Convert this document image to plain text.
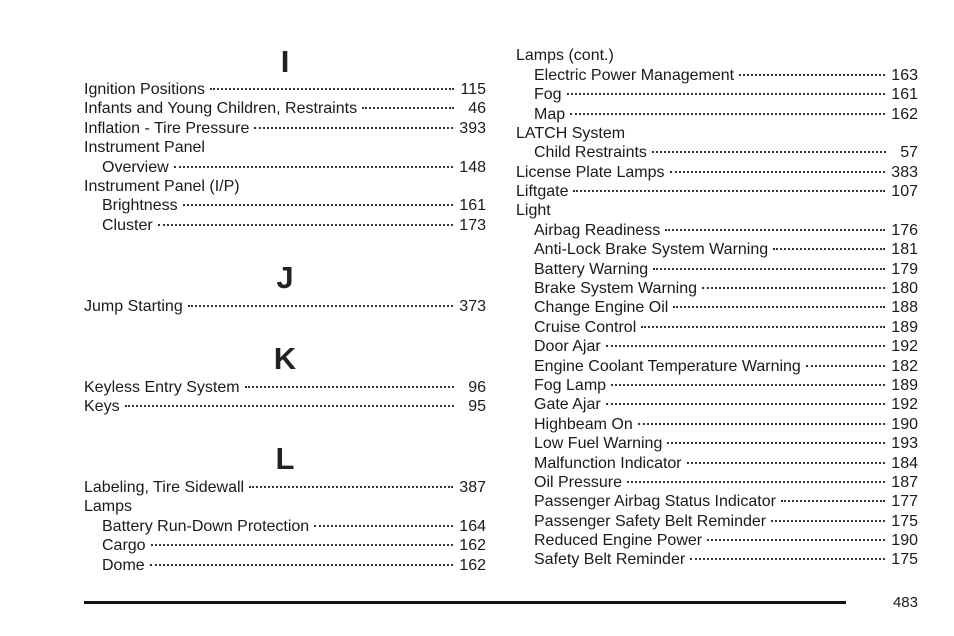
I
Ignition Positions	115
Infants and Young Children, Restraints	46
Inflation - Tire Pressure	393
Instrument Panel
Overview	148
Instrument Panel (I/P)
Brightness	161
Cluster	173
J
Jump Starting	373
K
Keyless Entry System	96
Keys	95
L
Labeling, Tire Sidewall	387
Lamps
Battery Run-Down Protection	164
Cargo	162
Dome	162
Lamps (cont.)
Electric Power Management	163
Fog	161
Map	162
LATCH System
Child Restraints	57
License Plate Lamps	383
Liftgate	107
Light
Airbag Readiness	176
Anti-Lock Brake System Warning	181
Battery Warning	179
Brake System Warning	180
Change Engine Oil	188
Cruise Control	189
Door Ajar	192
Engine Coolant Temperature Warning	182
Fog Lamp	189
Gate Ajar	192
Highbeam On	190
Low Fuel Warning	193
Malfunction Indicator	184
Oil Pressure	187
Passenger Airbag Status Indicator	177
Passenger Safety Belt Reminder	175
Reduced Engine Power	190
Safety Belt Reminder	175
483
